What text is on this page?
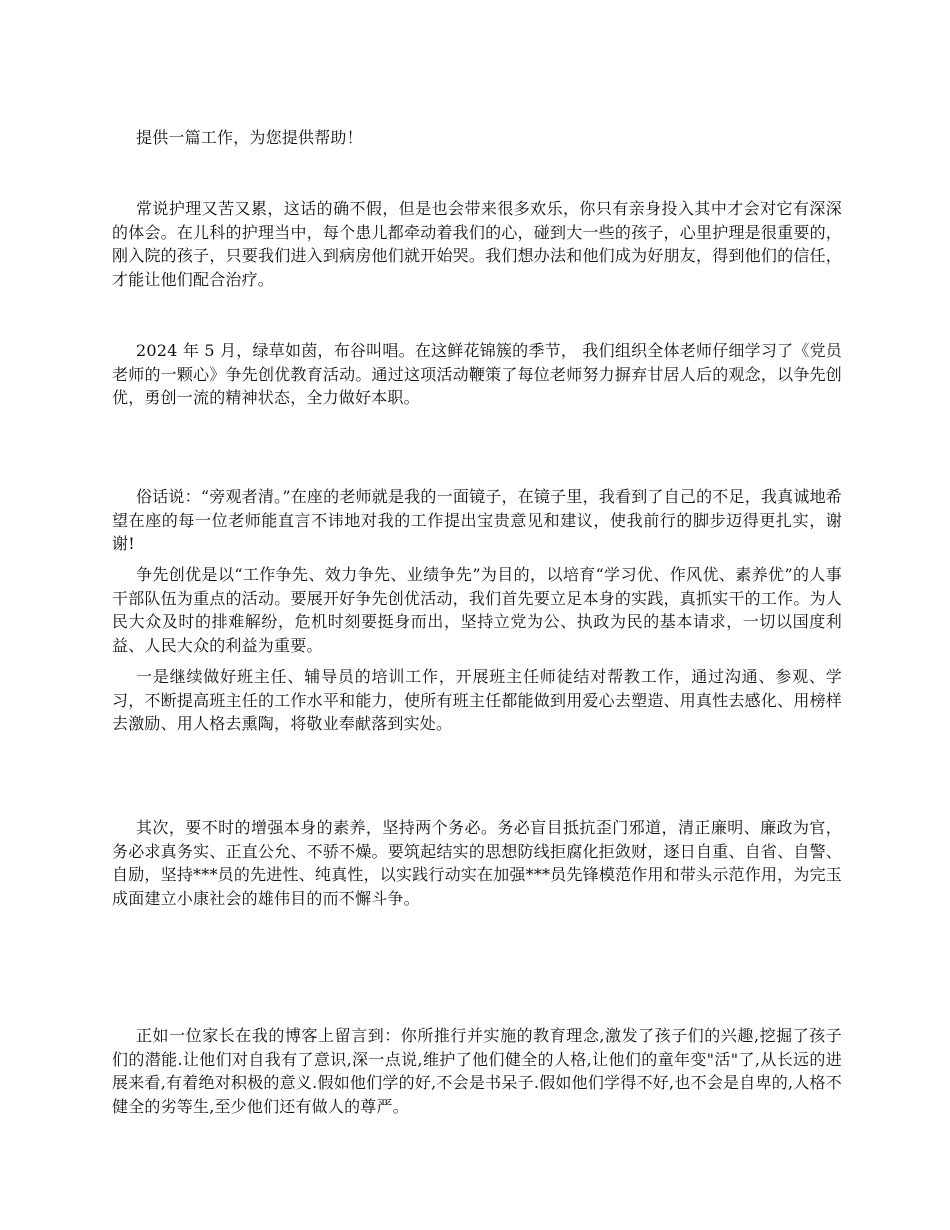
提供一篇工作，为您提供帮助！

常说护理又苦又累，这话的确不假，但是也会带来很多欢乐，你只有亲身投入其中才会对它有深深的体会。在儿科的护理当中，每个患儿都牵动着我们的心，碰到大一些的孩子，心里护理是很重要的，刚入院的孩子，只要我们进入到病房他们就开始哭。我们想办法和他们成为好朋友，得到他们的信任，才能让他们配合治疗。

2024 年 5 月，绿草如茵，布谷叫唱。在这鲜花锦簇的季节， 我们组织全体老师仔细学习了《党员老师的一颗心》争先创优教育活动。通过这项活动鞭策了每位老师努力摒弃甘居人后的观念，以争先创优，勇创一流的精神状态，全力做好本职。

俗话说：“旁观者清。”在座的老师就是我的一面镜子，在镜子里，我看到了自己的不足，我真诚地希望在座的每一位老师能直言不讳地对我的工作提出宝贵意见和建议，使我前行的脚步迈得更扎实，谢谢!

争先创优是以“工作争先、效力争先、业绩争先”为目的，以培育“学习优、作风优、素养优”的人事干部队伍为重点的活动。要展开好争先创优活动，我们首先要立足本身的实践，真抓实干的工作。为人民大众及时的排难解纷，危机时刻要挺身而出，坚持立党为公、执政为民的基本请求，一切以国度利益、人民大众的利益为重要。

一是继续做好班主任、辅导员的培训工作，开展班主任师徒结对帮教工作，通过沟通、参观、学习，不断提高班主任的工作水平和能力，使所有班主任都能做到用爱心去塑造、用真性去感化、用榜样去激励、用人格去熏陶，将敬业奉献落到实处。

其次，要不时的增强本身的素养，坚持两个务必。务必盲目抵抗歪门邪道，清正廉明、廉政为官，务必求真务实、正直公允、不骄不燥。要筑起结实的思想防线拒腐化拒敛财，逐日自重、自省、自警、自励，坚持***员的先进性、纯真性，以实践行动实在加强***员先锋模范作用和带头示范作用，为完玉成面建立小康社会的雄伟目的而不懈斗争。

正如一位家长在我的博客上留言到：你所推行并实施的教育理念,激发了孩子们的兴趣,挖掘了孩子们的潜能.让他们对自我有了意识,深一点说,维护了他们健全的人格,让他们的童年变"活"了,从长远的进展来看,有着绝对积极的意义.假如他们学的好,不会是书呆子.假如他们学得不好,也不会是自卑的,人格不健全的劣等生,至少他们还有做人的尊严。
